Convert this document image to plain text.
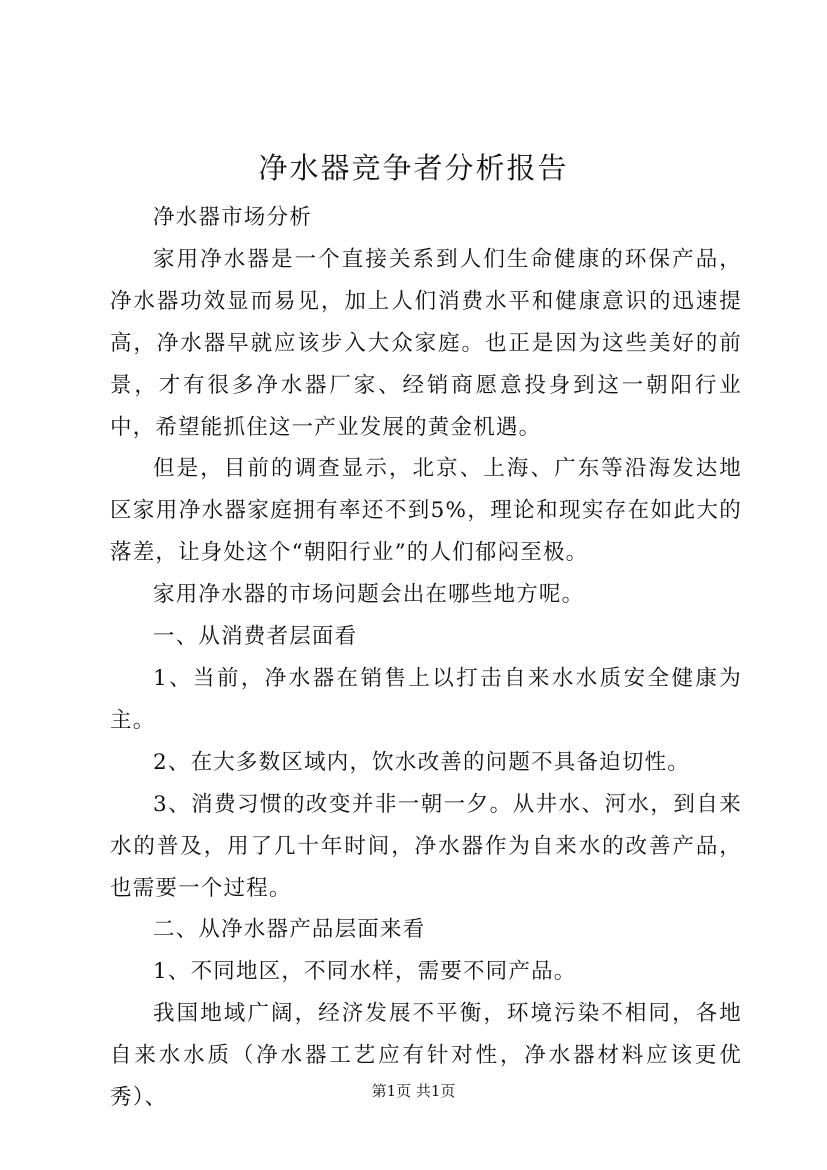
净水器竞争者分析报告

净水器市场分析

家用净水器是一个直接关系到人们生命健康的环保产品，净水器功效显而易见，加上人们消费水平和健康意识的迅速提高，净水器早就应该步入大众家庭。也正是因为这些美好的前景，才有很多净水器厂家、经销商愿意投身到这一朝阳行业中，希望能抓住这一产业发展的黄金机遇。

但是，目前的调查显示，北京、上海、广东等沿海发达地区家用净水器家庭拥有率还不到5%，理论和现实存在如此大的落差，让身处这个“朝阳行业”的人们郁闷至极。

家用净水器的市场问题会出在哪些地方呢。

一、从消费者层面看

1、当前，净水器在销售上以打击自来水水质安全健康为主。

2、在大多数区域内，饮水改善的问题不具备迫切性。

3、消费习惯的改变并非一朝一夕。从井水、河水，到自来水的普及，用了几十年时间，净水器作为自来水的改善产品，也需要一个过程。

二、从净水器产品层面来看

1、不同地区，不同水样，需要不同产品。

我国地域广阔，经济发展不平衡，环境污染不相同，各地自来水水质（净水器工艺应有针对性，净水器材料应该更优秀）、	第1页 共1页
